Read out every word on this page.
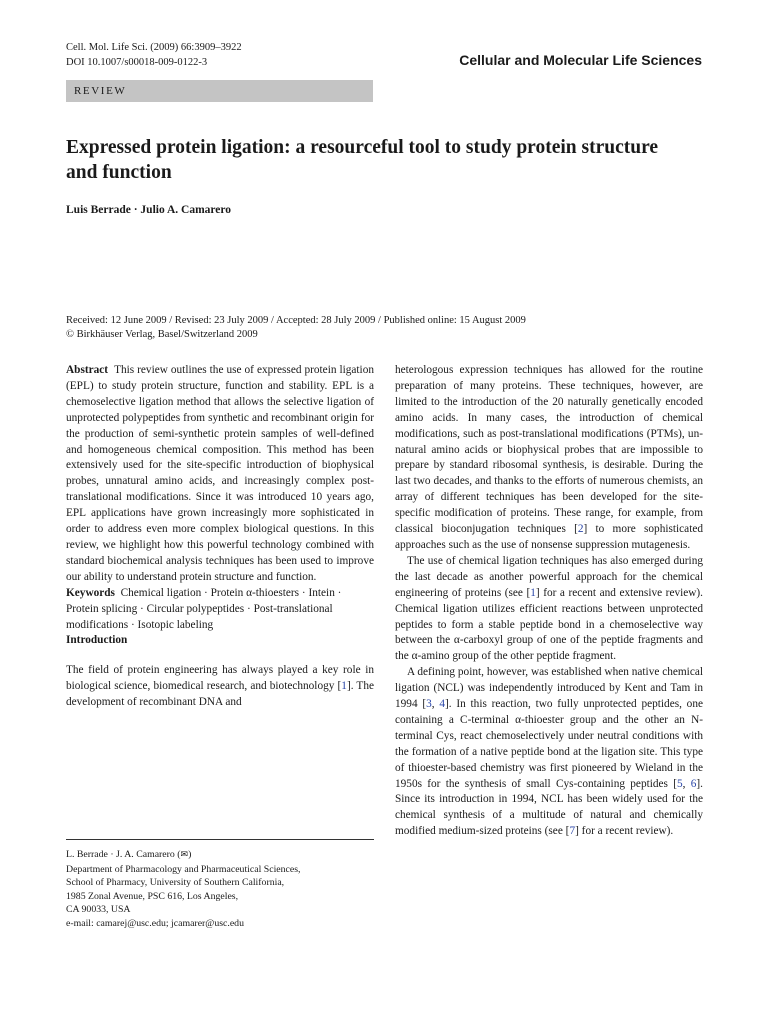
Cell. Mol. Life Sci. (2009) 66:3909–3922
DOI 10.1007/s00018-009-0122-3	Cellular and Molecular Life Sciences
REVIEW
Expressed protein ligation: a resourceful tool to study protein structure and function
Luis Berrade · Julio A. Camarero
Received: 12 June 2009 / Revised: 23 July 2009 / Accepted: 28 July 2009 / Published online: 15 August 2009
© Birkhäuser Verlag, Basel/Switzerland 2009

Abstract This review outlines the use of expressed protein ligation (EPL) to study protein structure, function and stability. EPL is a chemoselective ligation method that allows the selective ligation of unprotected polypeptides from synthetic and recombinant origin for the production of semi-synthetic protein samples of well-defined and homogeneous chemical composition. This method has been extensively used for the site-specific introduction of biophysical probes, unnatural amino acids, and increasingly complex post-translational modifications. Since it was introduced 10 years ago, EPL applications have grown increasingly more sophisticated in order to address even more complex biological questions. In this review, we highlight how this powerful technology combined with standard biochemical analysis techniques has been used to improve our ability to understand protein structure and function.

Keywords Chemical ligation · Protein α-thioesters · Intein · Protein splicing · Circular polypeptides · Post-translational modifications · Isotopic labeling

Introduction

The field of protein engineering has always played a key role in biological science, biomedical research, and biotechnology [1]. The development of recombinant DNA and

heterologous expression techniques has allowed for the routine preparation of many proteins. These techniques, however, are limited to the introduction of the 20 naturally genetically encoded amino acids. In many cases, the introduction of chemical modifications, such as post-translational modifications (PTMs), un-natural amino acids or biophysical probes that are impossible to prepare by standard ribosomal synthesis, is desirable. During the last two decades, and thanks to the efforts of numerous chemists, an array of different techniques has been developed for the site-specific modification of proteins. These range, for example, from classical bioconjugation techniques [2] to more sophisticated approaches such as the use of nonsense suppression mutagenesis.

The use of chemical ligation techniques has also emerged during the last decade as another powerful approach for the chemical engineering of proteins (see [1] for a recent and extensive review). Chemical ligation utilizes efficient reactions between unprotected peptides to form a stable peptide bond in a chemoselective way between the α-carboxyl group of one of the peptide fragments and the α-amino group of the other peptide fragment.

A defining point, however, was established when native chemical ligation (NCL) was independently introduced by Kent and Tam in 1994 [3, 4]. In this reaction, two fully unprotected peptides, one containing a C-terminal α-thioester group and the other an N-terminal Cys, react chemoselectively under neutral conditions with the formation of a native peptide bond at the ligation site. This type of thioester-based chemistry was first pioneered by Wieland in the 1950s for the synthesis of small Cys-containing peptides [5, 6]. Since its introduction in 1994, NCL has been widely used for the chemical synthesis of a multitude of natural and chemically modified medium-sized proteins (see [7] for a recent review).

L. Berrade · J. A. Camarero (✉)
Department of Pharmacology and Pharmaceutical Sciences,
School of Pharmacy, University of Southern California,
1985 Zonal Avenue, PSC 616, Los Angeles,
CA 90033, USA
e-mail: camarej@usc.edu; jcamarer@usc.edu
